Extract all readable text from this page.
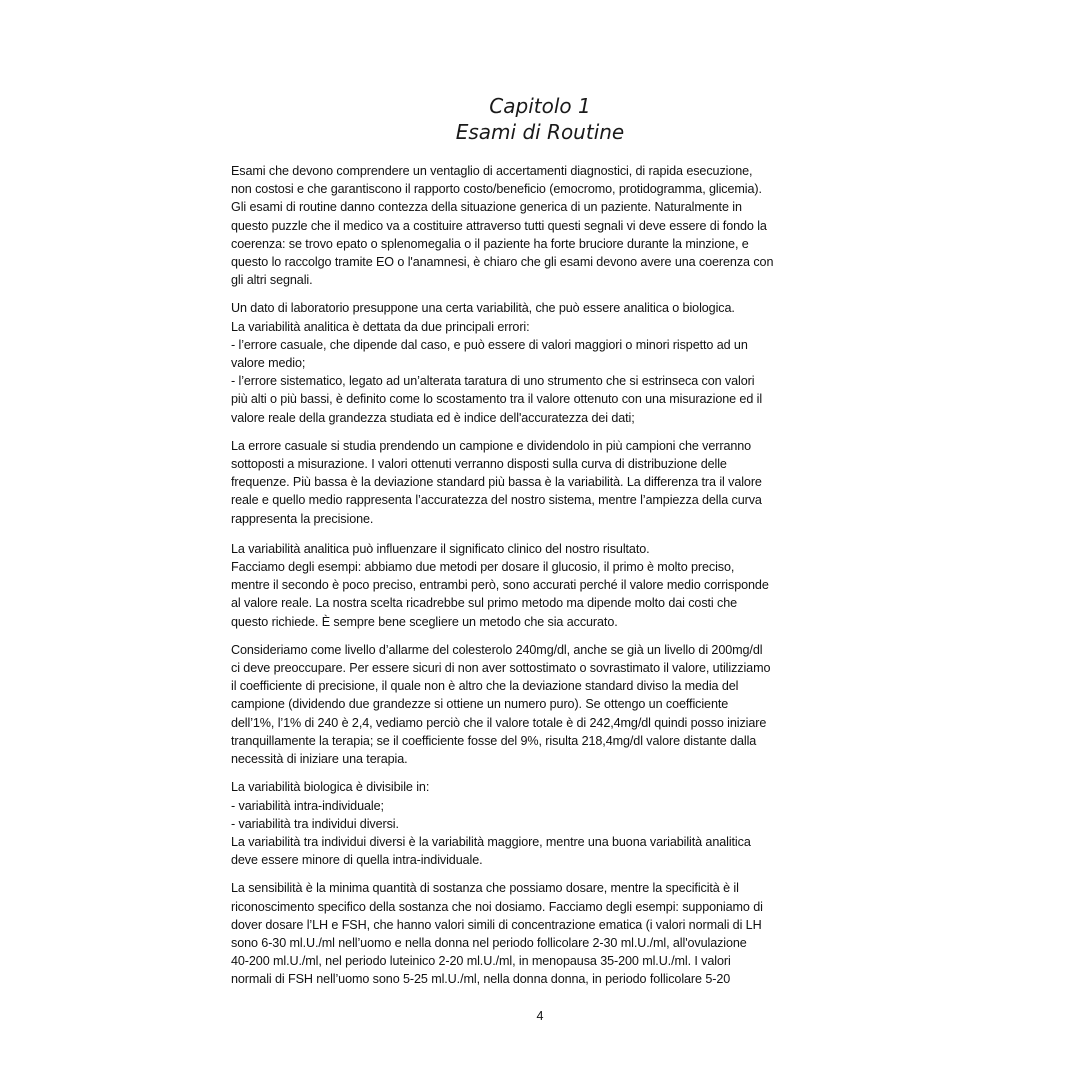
Capitolo 1
Esami di Routine
Esami che devono comprendere un ventaglio di accertamenti diagnostici, di rapida esecuzione,
non costosi e che garantiscono il rapporto costo/beneficio (emocromo, protidogramma, glicemia).
Gli esami di routine danno contezza della situazione generica di un paziente. Naturalmente in
questo puzzle che il medico va a costituire attraverso tutti questi segnali vi deve essere di fondo la
coerenza: se trovo epato o splenomegalia o il paziente ha forte bruciore durante la minzione, e
questo lo raccolgo tramite EO o l'anamnesi, è chiaro che gli esami devono avere una coerenza con
gli altri segnali.
Un dato di laboratorio presuppone una certa variabilità, che può essere analitica o biologica.
La variabilità analitica è dettata da due principali errori:
- l’errore casuale, che dipende dal caso, e può essere di valori maggiori o minori rispetto ad un
valore medio;
- l’errore sistematico, legato ad un’alterata taratura di uno strumento che si estrinseca con valori
più alti o più bassi, è definito come lo scostamento tra il valore ottenuto con una misurazione ed il
valore reale della grandezza studiata ed è indice dell'accuratezza dei dati;
La errore casuale si studia prendendo un campione e dividendolo in più campioni che verranno
sottoposti a misurazione. I valori ottenuti verranno disposti sulla curva di distribuzione delle
frequenze. Più bassa è la deviazione standard più bassa è la variabilità. La differenza tra il valore
reale e quello medio rappresenta l’accuratezza del nostro sistema, mentre l’ampiezza della curva
rappresenta la precisione.
La variabilità analitica può influenzare il significato clinico del nostro risultato.
Facciamo degli esempi: abbiamo due metodi per dosare il glucosio, il primo è molto preciso,
mentre il secondo è poco preciso, entrambi però, sono accurati perché il valore medio corrisponde
al valore reale. La nostra scelta ricadrebbe sul primo metodo ma dipende molto dai costi che
questo richiede. È sempre bene scegliere un metodo che sia accurato.
Consideriamo come livello d’allarme del colesterolo 240mg/dl, anche se già un livello di 200mg/dl
ci deve preoccupare. Per essere sicuri di non aver sottostimato o sovrastimato il valore, utilizziamo
il coefficiente di precisione, il quale non è altro che la deviazione standard diviso la media del
campione (dividendo due grandezze si ottiene un numero puro). Se ottengo un coefficiente
dell’1%, l’1% di 240 è 2,4, vediamo perciò che il valore totale è di 242,4mg/dl quindi posso iniziare
tranquillamente la terapia; se il coefficiente fosse del 9%, risulta 218,4mg/dl valore distante dalla
necessità di iniziare una terapia.
La variabilità biologica è divisibile in:
- variabilità intra-individuale;
- variabilità tra individui diversi.
La variabilità tra individui diversi è la variabilità maggiore, mentre una buona variabilità analitica
deve essere minore di quella intra-individuale.
La sensibilità è la minima quantità di sostanza che possiamo dosare, mentre la specificità è il
riconoscimento specifico della sostanza che noi dosiamo. Facciamo degli esempi: supponiamo di
dover dosare l’LH e FSH, che hanno valori simili di concentrazione ematica (i valori normali di LH
sono 6-30 ml.U./ml nell’uomo e nella donna nel periodo follicolare 2-30 ml.U./ml, all'ovulazione
40-200 ml.U./ml, nel periodo luteinico 2-20 ml.U./ml, in menopausa 35-200 ml.U./ml. I valori
normali di FSH nell’uomo sono 5-25 ml.U./ml, nella donna donna, in periodo follicolare 5-20
4
